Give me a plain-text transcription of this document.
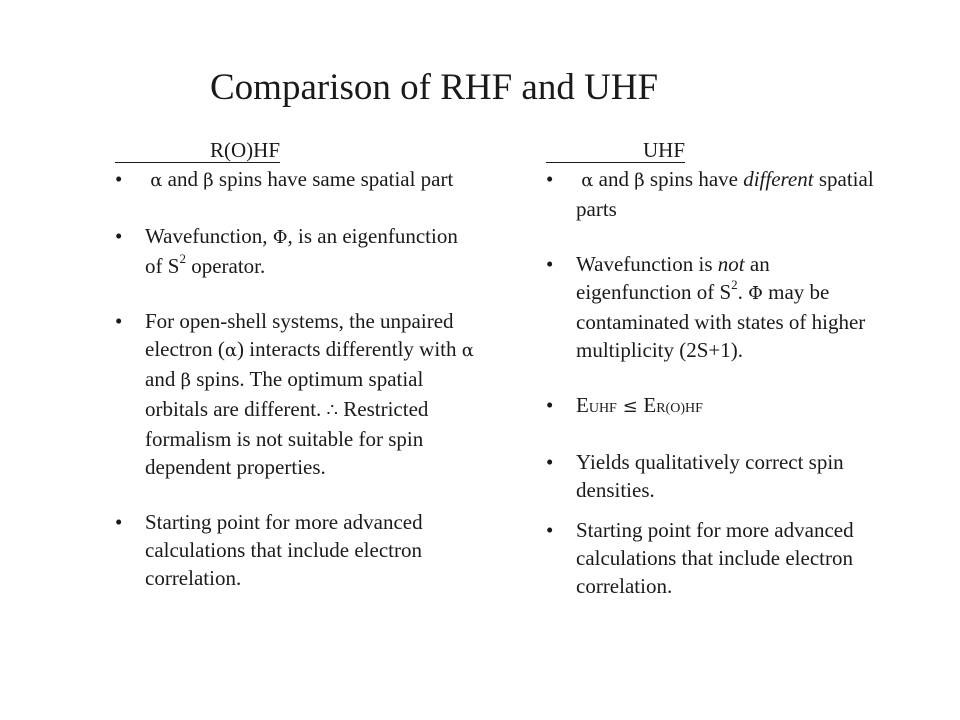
Comparison of RHF and UHF
R(O)HF
• α and β spins have same spatial part
• Wavefunction, Φ, is an eigenfunction of $S^2$ operator.
• For open-shell systems, the unpaired electron (α) interacts differently with α and β spins. The optimum spatial orbitals are different. ∴ Restricted formalism is not suitable for spin dependent properties.
• Starting point for more advanced calculations that include electron correlation.
UHF
• α and β spins have different spatial parts
• Wavefunction is not an eigenfunction of $S^2$. Φ may be contaminated with states of higher multiplicity (2S+1).
• EUHF ≤ ER(O)HF
• Yields qualitatively correct spin densities.
• Starting point for more advanced calculations that include electron correlation.
